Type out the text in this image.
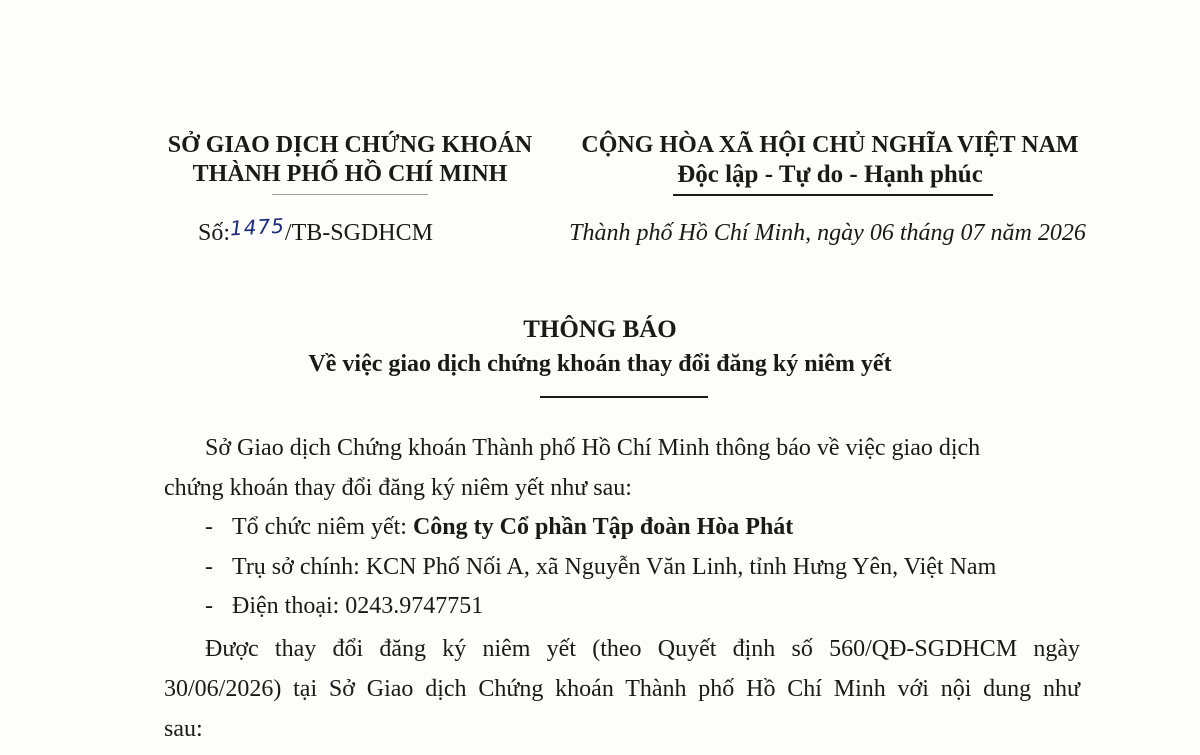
SỞ GIAO DỊCH CHỨNG KHOÁN
THÀNH PHỐ HỒ CHÍ MINH
CỘNG HÒA XÃ HỘI CHỦ NGHĨA VIỆT NAM
Độc lập - Tự do - Hạnh phúc
Số:1475/TB-SGDHCM	Thành phố Hồ Chí Minh, ngày 06 tháng 07 năm 2026
THÔNG BÁO
Về việc giao dịch chứng khoán thay đổi đăng ký niêm yết
Sở Giao dịch Chứng khoán Thành phố Hồ Chí Minh thông báo về việc giao dịch
chứng khoán thay đổi đăng ký niêm yết như sau:
- Tổ chức niêm yết: Công ty Cổ phần Tập đoàn Hòa Phát
- Trụ sở chính: KCN Phố Nối A, xã Nguyễn Văn Linh, tỉnh Hưng Yên, Việt Nam
- Điện thoại: 0243.9747751
Được thay đổi đăng ký niêm yết (theo Quyết định số 560/QĐ-SGDHCM ngày
30/06/2026) tại Sở Giao dịch Chứng khoán Thành phố Hồ Chí Minh với nội dung như
sau:
